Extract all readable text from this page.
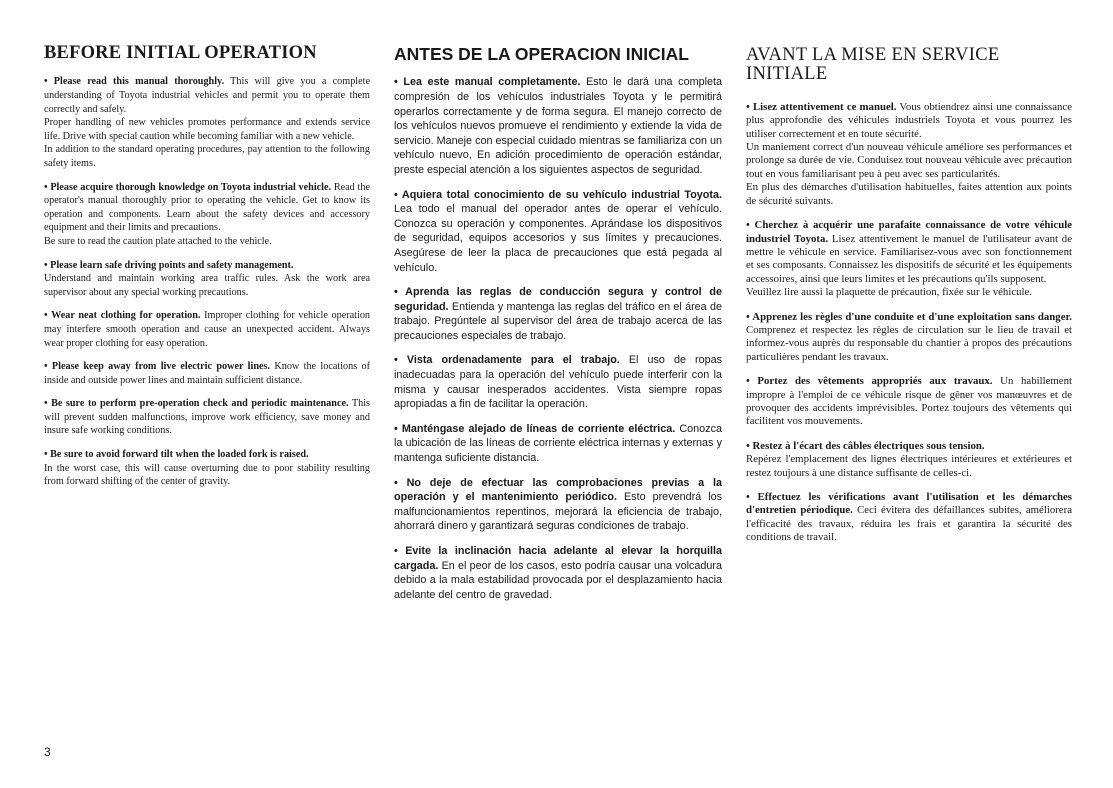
BEFORE INITIAL OPERATION

• Please read this manual thoroughly. This will give you a complete understanding of Toyota industrial vehicles and permit you to operate them correctly and safely.
Proper handling of new vehicles promotes performance and extends service life. Drive with special caution while becoming familiar with a new vehicle.
In addition to the standard operating procedures, pay attention to the following safety items.

• Please acquire thorough knowledge on Toyota industrial vehicle. Read the operator's manual thoroughly prior to operating the vehicle. Get to know its operation and components. Learn about the safety devices and accessory equipment and their limits and precautions.
Be sure to read the caution plate attached to the vehicle.

• Please learn safe driving points and safety management.
Understand and maintain working area traffic rules. Ask the work area supervisor about any special working precautions.

• Wear neat clothing for operation. Improper clothing for vehicle operation may interfere smooth operation and cause an unexpected accident. Always wear proper clothing for easy operation.

• Please keep away from live electric power lines. Know the locations of inside and outside power lines and maintain sufficient distance.

• Be sure to perform pre-operation check and periodic maintenance. This will prevent sudden malfunctions, improve work efficiency, save money and insure safe working conditions.

• Be sure to avoid forward tilt when the loaded fork is raised.
In the worst case, this will cause overturning due to poor stability resulting from forward shifting of the center of gravity.

ANTES DE LA OPERACION INICIAL

• Lea este manual completamente. Esto le dará una completa compresión de los vehículos industriales Toyota y le permitirá operarlos correctamente y de forma segura. El manejo correcto de los vehículos nuevos promueve el rendimiento y extiende la vida de servicio. Maneje con especial cuidado mientras se familiariza con un vehículo nuevo, En adición procedimiento de operación estándar, preste especial atención a los siguientes aspectos de seguridad.

• Aquiera total conocimiento de su vehículo industrial Toyota. Lea todo el manual del operador antes de operar el vehículo. Conozca su operación y componentes. Aprándase los dispositivos de seguridad, equipos accesorios y sus límites y precauciones. Asegúrese de leer la placa de precauciones que está pegada al vehículo.

• Aprenda las reglas de conducción segura y control de seguridad. Entienda y mantenga las reglas del tráfico en el área de trabajo. Pregúntele al supervisor del área de trabajo acerca de las precauciones especiales de trabajo.

• Vista ordenadamente para el trabajo. El uso de ropas inadecuadas para la operación del vehículo puede interferir con la misma y causar inesperados accidentes. Vista siempre ropas apropiadas a fin de facilitar la operación.

• Manténgase alejado de líneas de corriente eléctrica. Conozca la ubicación de las líneas de corriente eléctrica internas y externas y mantenga suficiente distancia.

• No deje de efectuar las comprobaciones previas a la operación y el mantenimiento periódico. Esto prevendrá los malfuncionamientos repentinos, mejorará la eficiencia de trabajo, ahorrará dinero y garantizará seguras condiciones de trabajo.

• Evite la inclinación hacia adelante al elevar la horquilla cargada. En el peor de los casos, esto podría causar una volcadura debido a la mala estabilidad provocada por el desplazamiento hacia adelante del centro de gravedad.

AVANT LA MISE EN SERVICE INITIALE

• Lisez attentivement ce manuel. Vous obtiendrez ainsi une connaissance plus approfondie des véhicules industriels Toyota et vous pourrez les utiliser correctement et en toute sécurité.
Un maniement correct d'un nouveau véhicule améliore ses performances et prolonge sa durée de vie. Conduisez tout nouveau véhicule avec précaution tout en vous familiarisant peu à peu avec ses particularités.
En plus des démarches d'utilisation habituelles, faites attention aux points de sécurité suivants.

• Cherchez à acquérir une parafaite connaissance de votre véhicule industriel Toyota. Lisez attentivement le manuel de l'utilisateur avant de mettre le véhicule en service. Familiarisez-vous avec son fonctionnement et ses composants. Connaissez les dispositifs de sécurité et les équipements accessoires, ainsi que leurs limites et les précautions qu'ils supposent.
Veuillez lire aussi la plaquette de précaution, fixée sur le véhicule.

• Apprenez les règles d'une conduite et d'une exploitation sans danger. Comprenez et respectez les règles de circulation sur le lieu de travail et informez-vous auprès du responsable du chantier à propos des précautions particulières pendant les travaux.

• Portez des vêtements appropriés aux travaux. Un habillement impropre à l'emploi de ce véhicule risque de gêner vos manœuvres et de provoquer des accidents imprévisibles. Portez toujours des vêtements qui facilitent vos mouvements.

• Restez à l'écart des câbles électriques sous tension.
Repérez l'emplacement des lignes électriques intérieures et extérieures et restez toujours à une distance suffisante de celles-ci.

• Effectuez les vérifications avant l'utilisation et les démarches d'entretien périodique. Ceci évitera des défaillances subites, améliorera l'efficacité des travaux, réduira les frais et garantira la sécurité des conditions de travail.

3
